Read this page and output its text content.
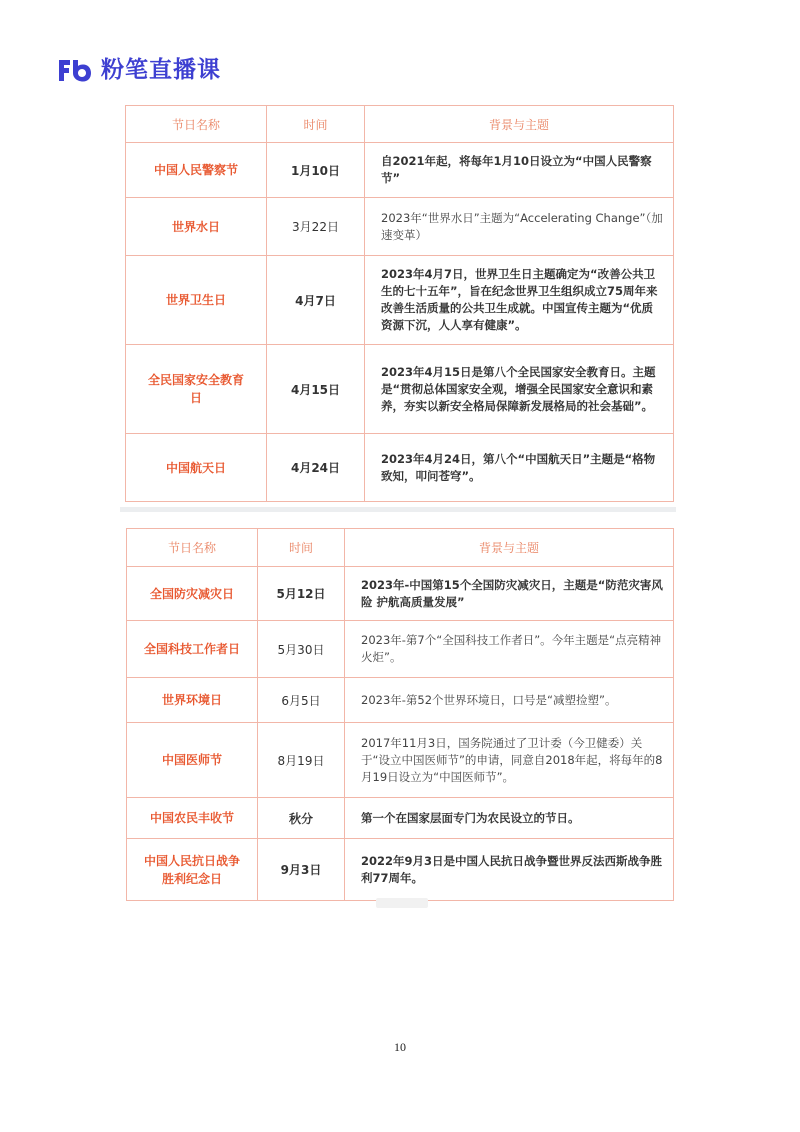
粉笔直播课
节日名称	时间	背景与主题
中国人民警察节	1月10日	自2021年起，将每年1月10日设立为“中国人民警察节”
世界水日	3月22日	2023年“世界水日”主题为“Accelerating Change”（加速变革）
世界卫生日	4月7日	2023年4月7日，世界卫生日主题确定为“改善公共卫生的七十五年”，旨在纪念世界卫生组织成立75周年来改善生活质量的公共卫生成就。中国宣传主题为“优质资源下沉，人人享有健康”。
全民国家安全教育日	4月15日	2023年4月15日是第八个全民国家安全教育日。主题是“贯彻总体国家安全观，增强全民国家安全意识和素养，夯实以新安全格局保障新发展格局的社会基础”。
中国航天日	4月24日	2023年4月24日，第八个“中国航天日”主题是“格物致知，叩问苍穹”。
节日名称	时间	背景与主题
全国防灾减灾日	5月12日	2023年-中国第15个全国防灾减灾日，主题是“防范灾害风险 护航高质量发展”
全国科技工作者日	5月30日	2023年-第7个“全国科技工作者日”。今年主题是“点亮精神火炬”。
世界环境日	6月5日	2023年-第52个世界环境日，口号是“减塑捡塑”。
中国医师节	8月19日	2017年11月3日，国务院通过了卫计委（今卫健委）关于“设立中国医师节”的申请，同意自2018年起，将每年的8月19日设立为“中国医师节”。
中国农民丰收节	秋分	第一个在国家层面专门为农民设立的节日。
中国人民抗日战争胜利纪念日	9月3日	2022年9月3日是中国人民抗日战争暨世界反法西斯战争胜利77周年。
10
